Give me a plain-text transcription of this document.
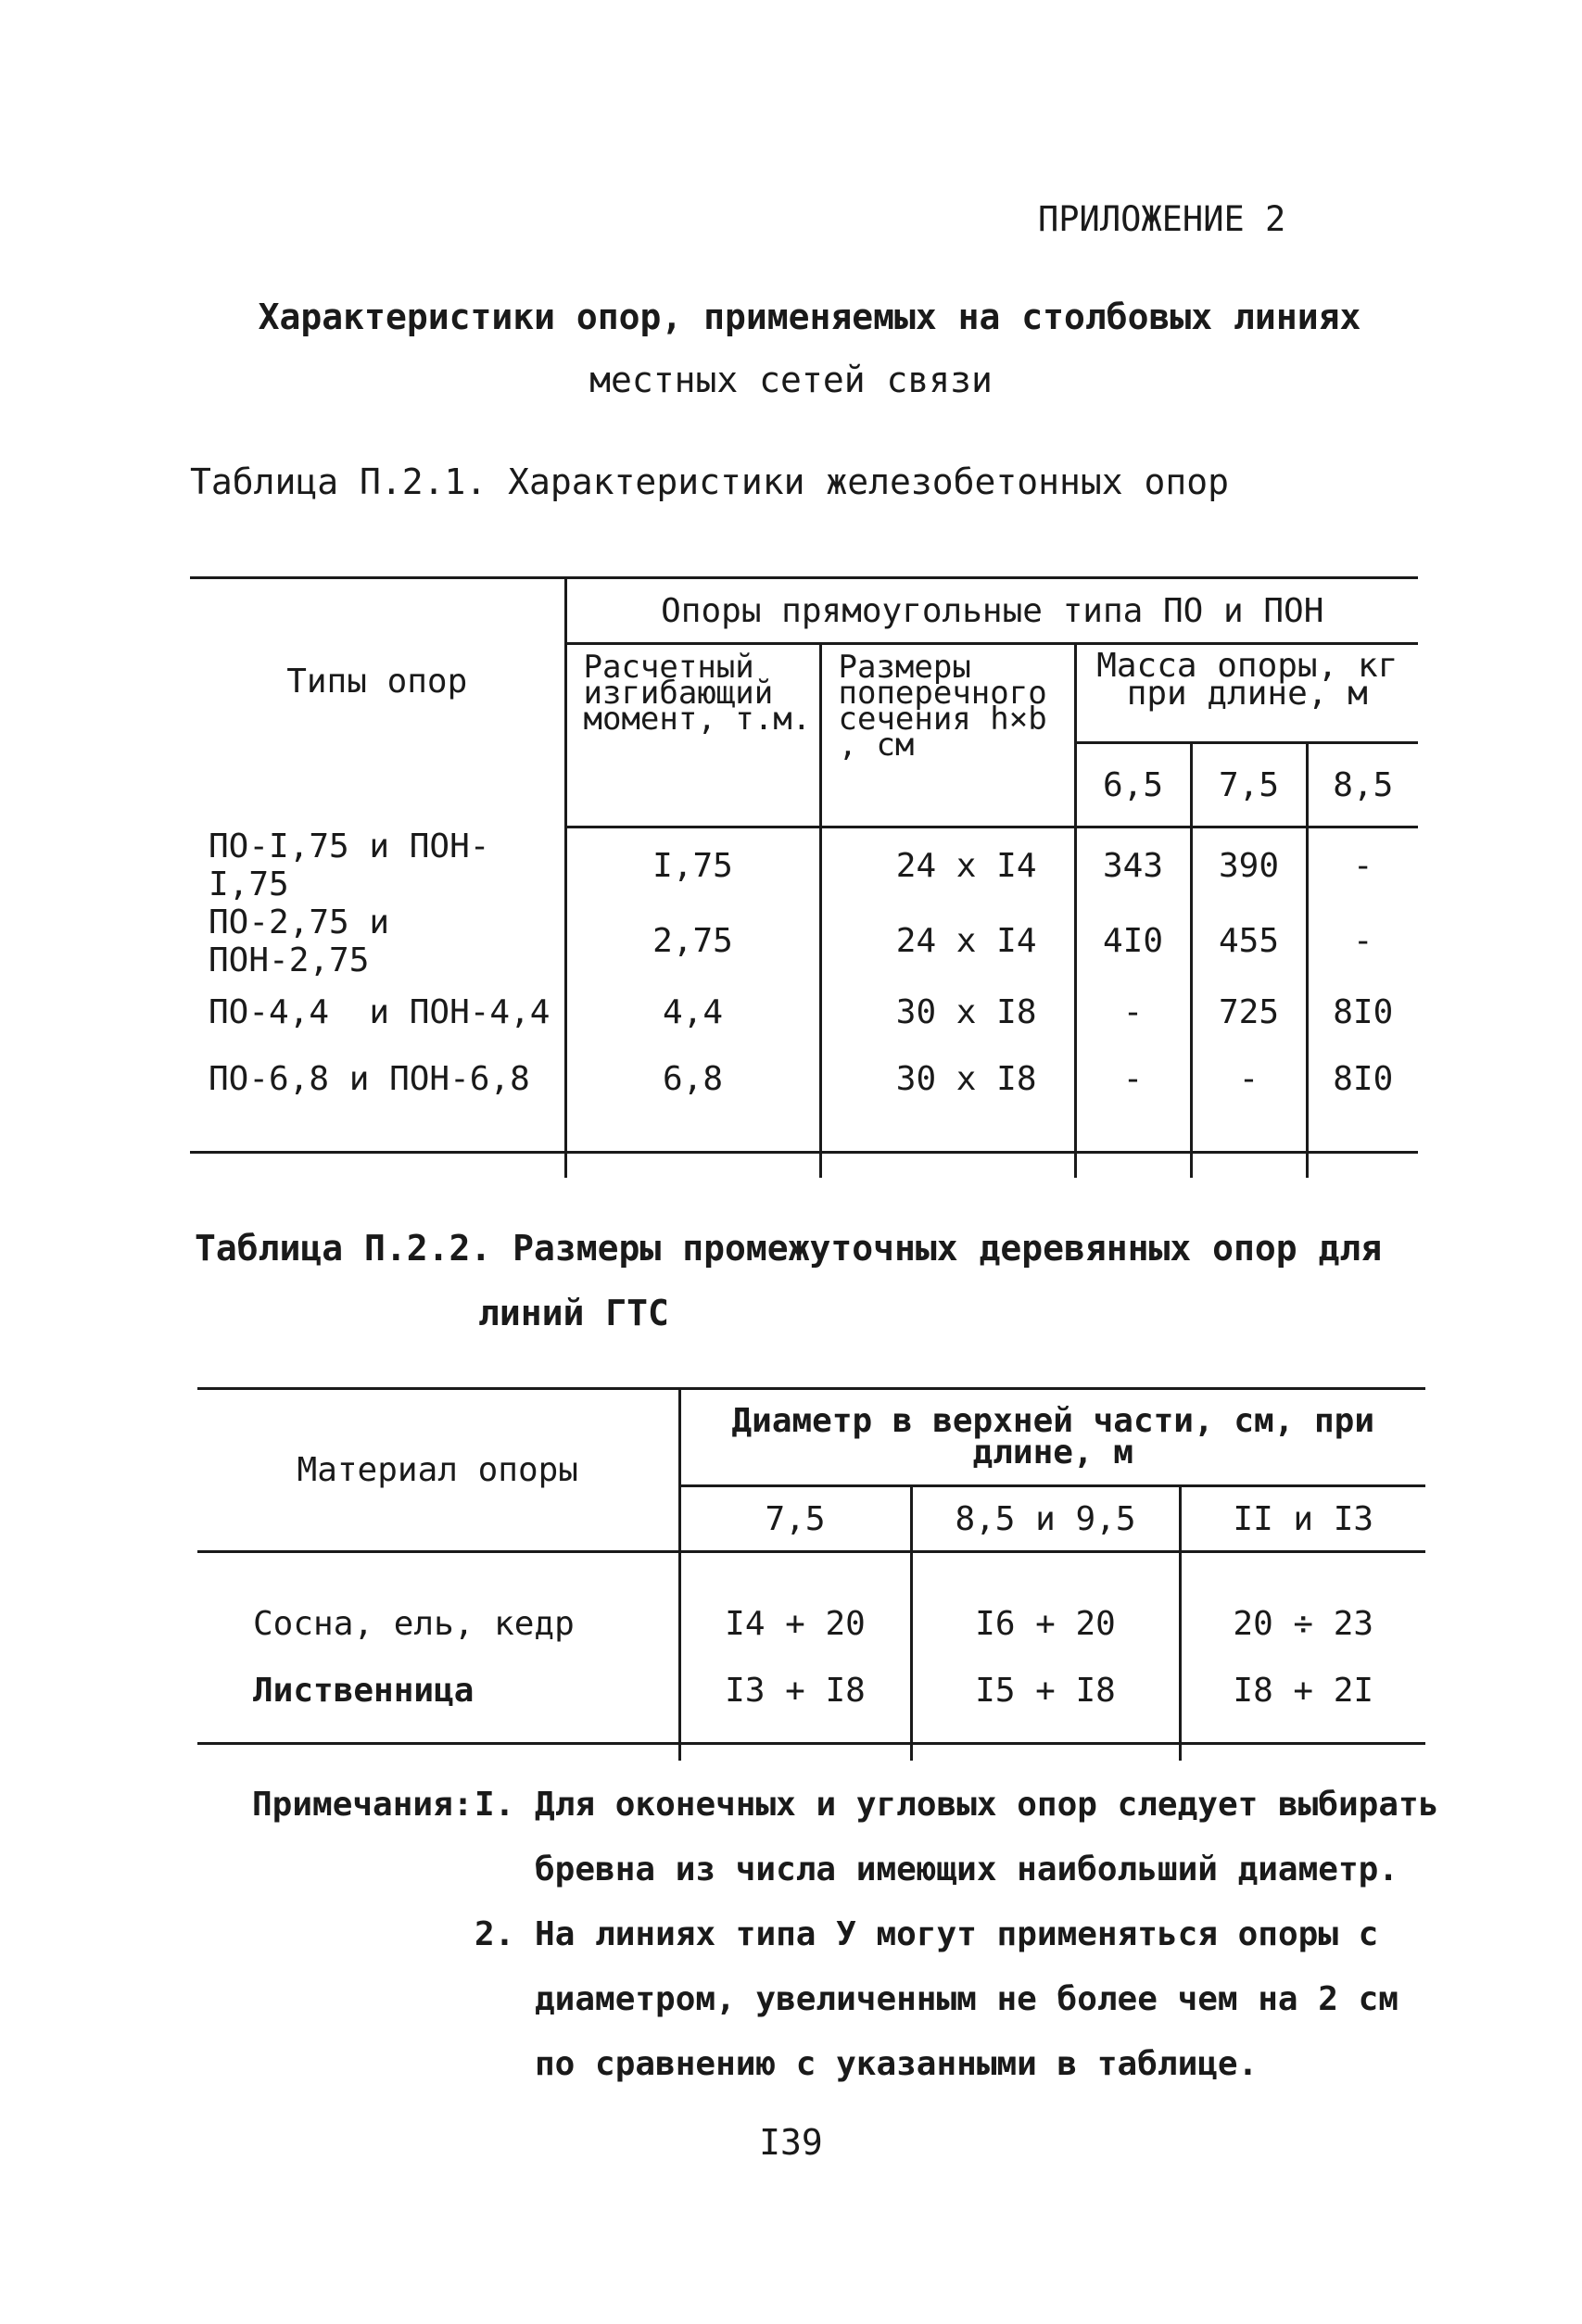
ПРИЛОЖЕНИЕ 2
Характеристики опор, применяемых на столбовых линиях
местных сетей связи
Таблица П.2.1. Характеристики железобетонных опор
Типы опор	Опоры прямоугольные типа ПО и ПОН				
	Расчетный изгибающий момент, т.м.	Размеры поперечного сечения h×b , см	Масса опоры, кг при длине, м		
			6,5	7,5	8,5
ПО-I,75 и ПОН-I,75	I,75	24 x I4	343	390	-
ПО-2,75 и ПОН-2,75	2,75	24 x I4	4I0	455	-
ПО-4,4  и ПОН-4,4	4,4	30 x I8	-	725	8I0
ПО-6,8 и ПОН-6,8	6,8	30 x I8	-	-	8I0

Таблица П.2.2. Размеры промежуточных деревянных опор для
линий ГТС
Материал опоры	Диаметр в верхней части, см, при длине, м		
	7,5	8,5 и 9,5	II и I3

Сосна, ель, кедр	I4 + 20	I6 + 20	20 ÷ 23
Лиственница	I3 + I8	I5 + I8	I8 + 2I

Примечания: I. Для оконечных и угловых опор следует выбирать
бревна из числа имеющих наибольший диаметр.
2. На линиях типа У могут применяться опоры с
диаметром, увеличенным не более чем на 2 см
по сравнению с указанными в таблице.
I39
